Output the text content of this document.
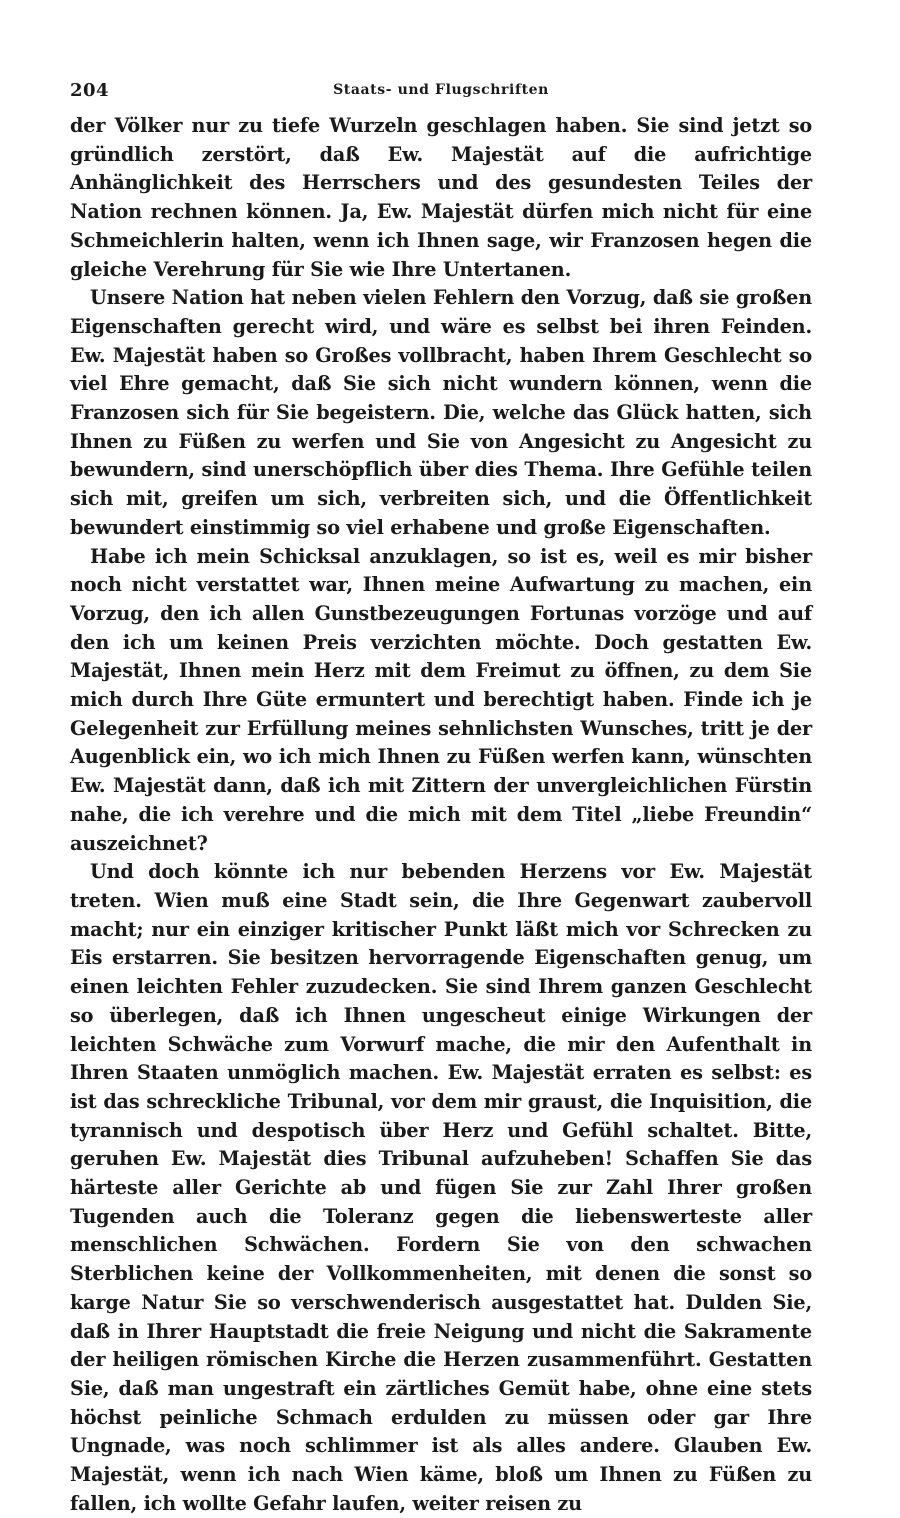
204	Staats- und Flugschriften

der Völker nur zu tiefe Wurzeln geschlagen haben. Sie sind jetzt so gründlich zerstört, daß Ew. Majestät auf die aufrichtige Anhänglichkeit des Herrschers und des gesundesten Teiles der Nation rechnen können. Ja, Ew. Majestät dürfen mich nicht für eine Schmeichlerin halten, wenn ich Ihnen sage, wir Franzosen hegen die gleiche Verehrung für Sie wie Ihre Untertanen.

Unsere Nation hat neben vielen Fehlern den Vorzug, daß sie großen Eigenschaften gerecht wird, und wäre es selbst bei ihren Feinden. Ew. Majestät haben so Großes vollbracht, haben Ihrem Geschlecht so viel Ehre gemacht, daß Sie sich nicht wundern können, wenn die Franzosen sich für Sie begeistern. Die, welche das Glück hatten, sich Ihnen zu Füßen zu werfen und Sie von Angesicht zu Angesicht zu bewundern, sind unerschöpflich über dies Thema. Ihre Gefühle teilen sich mit, greifen um sich, verbreiten sich, und die Öffentlichkeit bewundert einstimmig so viel erhabene und große Eigenschaften.

Habe ich mein Schicksal anzuklagen, so ist es, weil es mir bisher noch nicht verstattet war, Ihnen meine Aufwartung zu machen, ein Vorzug, den ich allen Gunstbezeugungen Fortunas vorzöge und auf den ich um keinen Preis verzichten möchte. Doch gestatten Ew. Majestät, Ihnen mein Herz mit dem Freimut zu öffnen, zu dem Sie mich durch Ihre Güte ermuntert und berechtigt haben. Finde ich je Gelegenheit zur Erfüllung meines sehnlichsten Wunsches, tritt je der Augenblick ein, wo ich mich Ihnen zu Füßen werfen kann, wünschten Ew. Majestät dann, daß ich mit Zittern der unvergleichlichen Fürstin nahe, die ich verehre und die mich mit dem Titel „liebe Freundin“ auszeichnet?

Und doch könnte ich nur bebenden Herzens vor Ew. Majestät treten. Wien muß eine Stadt sein, die Ihre Gegenwart zaubervoll macht; nur ein einziger kritischer Punkt läßt mich vor Schrecken zu Eis erstarren. Sie besitzen hervorragende Eigenschaften genug, um einen leichten Fehler zuzudecken. Sie sind Ihrem ganzen Geschlecht so überlegen, daß ich Ihnen ungescheut einige Wirkungen der leichten Schwäche zum Vorwurf mache, die mir den Aufenthalt in Ihren Staaten unmöglich machen. Ew. Majestät erraten es selbst: es ist das schreckliche Tribunal, vor dem mir graust, die Inquisition, die tyrannisch und despotisch über Herz und Gefühl schaltet. Bitte, geruhen Ew. Majestät dies Tribunal aufzuheben! Schaffen Sie das härteste aller Gerichte ab und fügen Sie zur Zahl Ihrer großen Tugenden auch die Toleranz gegen die liebenswerteste aller menschlichen Schwächen. Fordern Sie von den schwachen Sterblichen keine der Vollkommenheiten, mit denen die sonst so karge Natur Sie so verschwenderisch ausgestattet hat. Dulden Sie, daß in Ihrer Hauptstadt die freie Neigung und nicht die Sakramente der heiligen römischen Kirche die Herzen zusammenführt. Gestatten Sie, daß man ungestraft ein zärtliches Gemüt habe, ohne eine stets höchst peinliche Schmach erdulden zu müssen oder gar Ihre Ungnade, was noch schlimmer ist als alles andere. Glauben Ew. Majestät, wenn ich nach Wien käme, bloß um Ihnen zu Füßen zu fallen, ich wollte Gefahr laufen, weiter reisen zu
